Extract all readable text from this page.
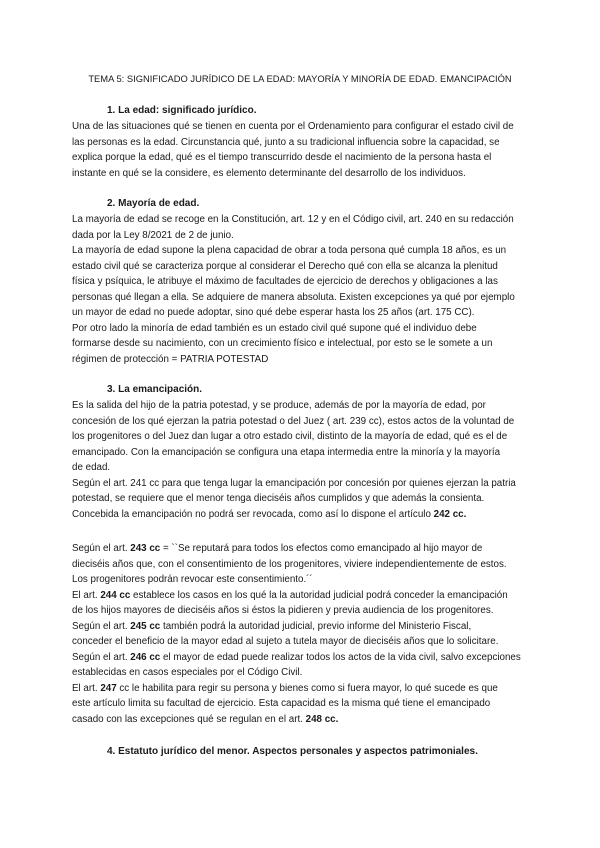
TEMA 5: SIGNIFICADO JURÍDICO DE LA EDAD: MAYORÍA Y MINORÍA DE EDAD. EMANCIPACIÓN
1. La edad: significado jurídico.
Una de las situaciones qué se tienen en cuenta por el Ordenamiento para configurar el estado civil de
las personas es la edad. Circunstancia qué, junto a su tradicional influencia sobre la capacidad, se
explica porque la edad, qué es el tiempo transcurrido desde el nacimiento de la persona hasta el
instante en qué se la considere, es elemento determinante del desarrollo de los individuos.
2. Mayoría de edad.
La mayoría de edad se recoge en la Constitución, art. 12 y en el Código civil, art. 240 en su redacción
dada por la Ley 8/2021 de 2 de junio.
La mayoría de edad supone la plena capacidad de obrar a toda persona qué cumpla 18 años, es un
estado civil qué se caracteriza porque al considerar el Derecho qué con ella se alcanza la plenitud
física y psíquica, le atribuye el máximo de facultades de ejercicio de derechos y obligaciones a las
personas qué llegan a ella. Se adquiere de manera absoluta. Existen excepciones ya qué por ejemplo
un mayor de edad no puede adoptar, sino qué debe esperar hasta los 25 años (art. 175 CC).
Por otro lado la minoría de edad también es un estado civil qué supone qué el individuo debe
formarse desde su nacimiento, con un crecimiento físico e intelectual, por esto se le somete a un
régimen de protección = PATRIA POTESTAD
3. La emancipación.
Es la salida del hijo de la patria potestad, y se produce, además de por la mayoría de edad, por
concesión de los qué ejerzan la patria potestad o del Juez ( art. 239 cc), estos actos de la voluntad de
los progenitores o del Juez dan lugar a otro estado civil, distinto de la mayoría de edad, qué es el de
emancipado. Con la emancipación se configura una etapa intermedia entre la minoría y la mayoría
de edad.
Según el art. 241 cc para que tenga lugar la emancipación por concesión por quienes ejerzan la patria
potestad, se requiere que el menor tenga dieciséis años cumplidos y que además la consienta.
Concebida la emancipación no podrá ser revocada, como así lo dispone el artículo 242 cc.
Según el art. 243 cc = ``Se reputará para todos los efectos como emancipado al hijo mayor de
dieciséis años que, con el consentimiento de los progenitores, viviere independientemente de estos.
Los progenitores podrán revocar este consentimiento.´´
El art. 244 cc establece los casos en los qué la la autoridad judicial podrá conceder la emancipación
de los hijos mayores de dieciséis años si éstos la pidieren y previa audiencia de los progenitores.
Según el art. 245 cc también podrá la autoridad judicial, previo informe del Ministerio Fiscal,
conceder el beneficio de la mayor edad al sujeto a tutela mayor de dieciséis años que lo solicitare.
Según el art. 246 cc el mayor de edad puede realizar todos los actos de la vida civil, salvo excepciones
establecidas en casos especiales por el Código Civil.
El art. 247 cc le habilita para regir su persona y bienes como si fuera mayor, lo qué sucede es que
este artículo limita su facultad de ejercicio. Esta capacidad es la misma qué tiene el emancipado
casado con las excepciones qué se regulan en el art. 248 cc.
4. Estatuto jurídico del menor. Aspectos personales y aspectos patrimoniales.
